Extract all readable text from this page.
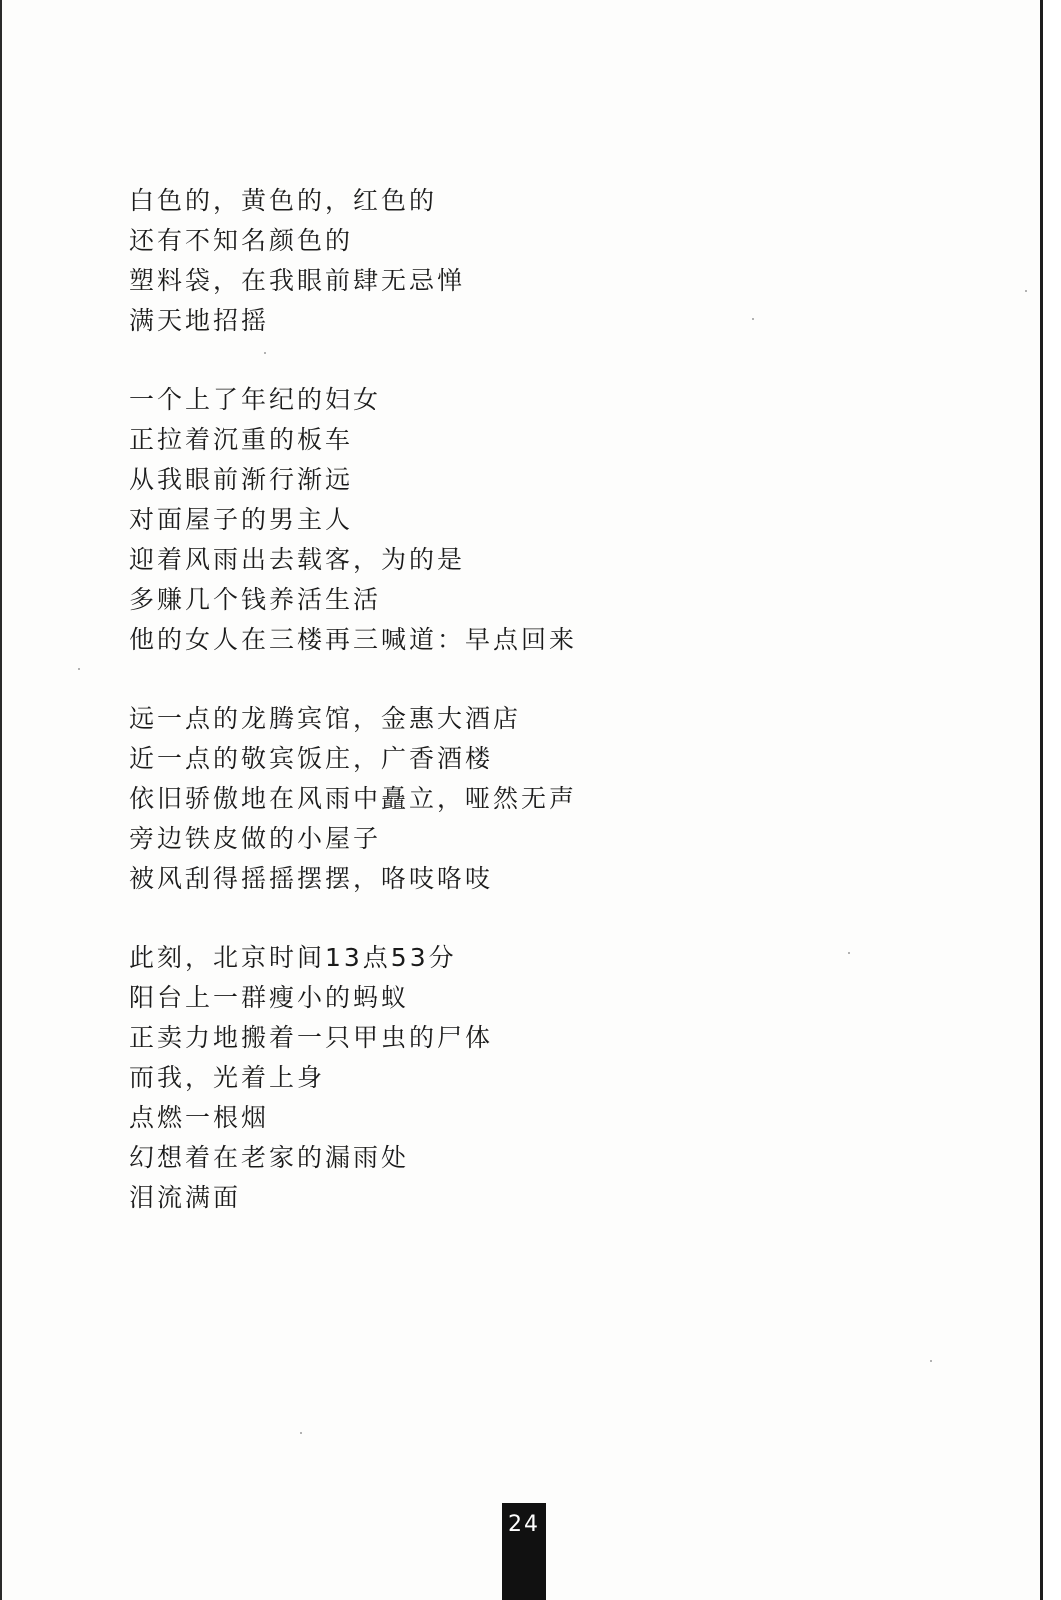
白色的，黄色的，红色的
还有不知名颜色的
塑料袋，在我眼前肆无忌惮
满天地招摇
一个上了年纪的妇女
正拉着沉重的板车
从我眼前渐行渐远
对面屋子的男主人
迎着风雨出去载客，为的是
多赚几个钱养活生活
他的女人在三楼再三喊道：早点回来
远一点的龙腾宾馆，金惠大酒店
近一点的敬宾饭庄，广香酒楼
依旧骄傲地在风雨中矗立，哑然无声
旁边铁皮做的小屋子
被风刮得摇摇摆摆，咯吱咯吱
此刻，北京时间13点53分
阳台上一群瘦小的蚂蚁
正卖力地搬着一只甲虫的尸体
而我，光着上身
点燃一根烟
幻想着在老家的漏雨处
泪流满面
24
